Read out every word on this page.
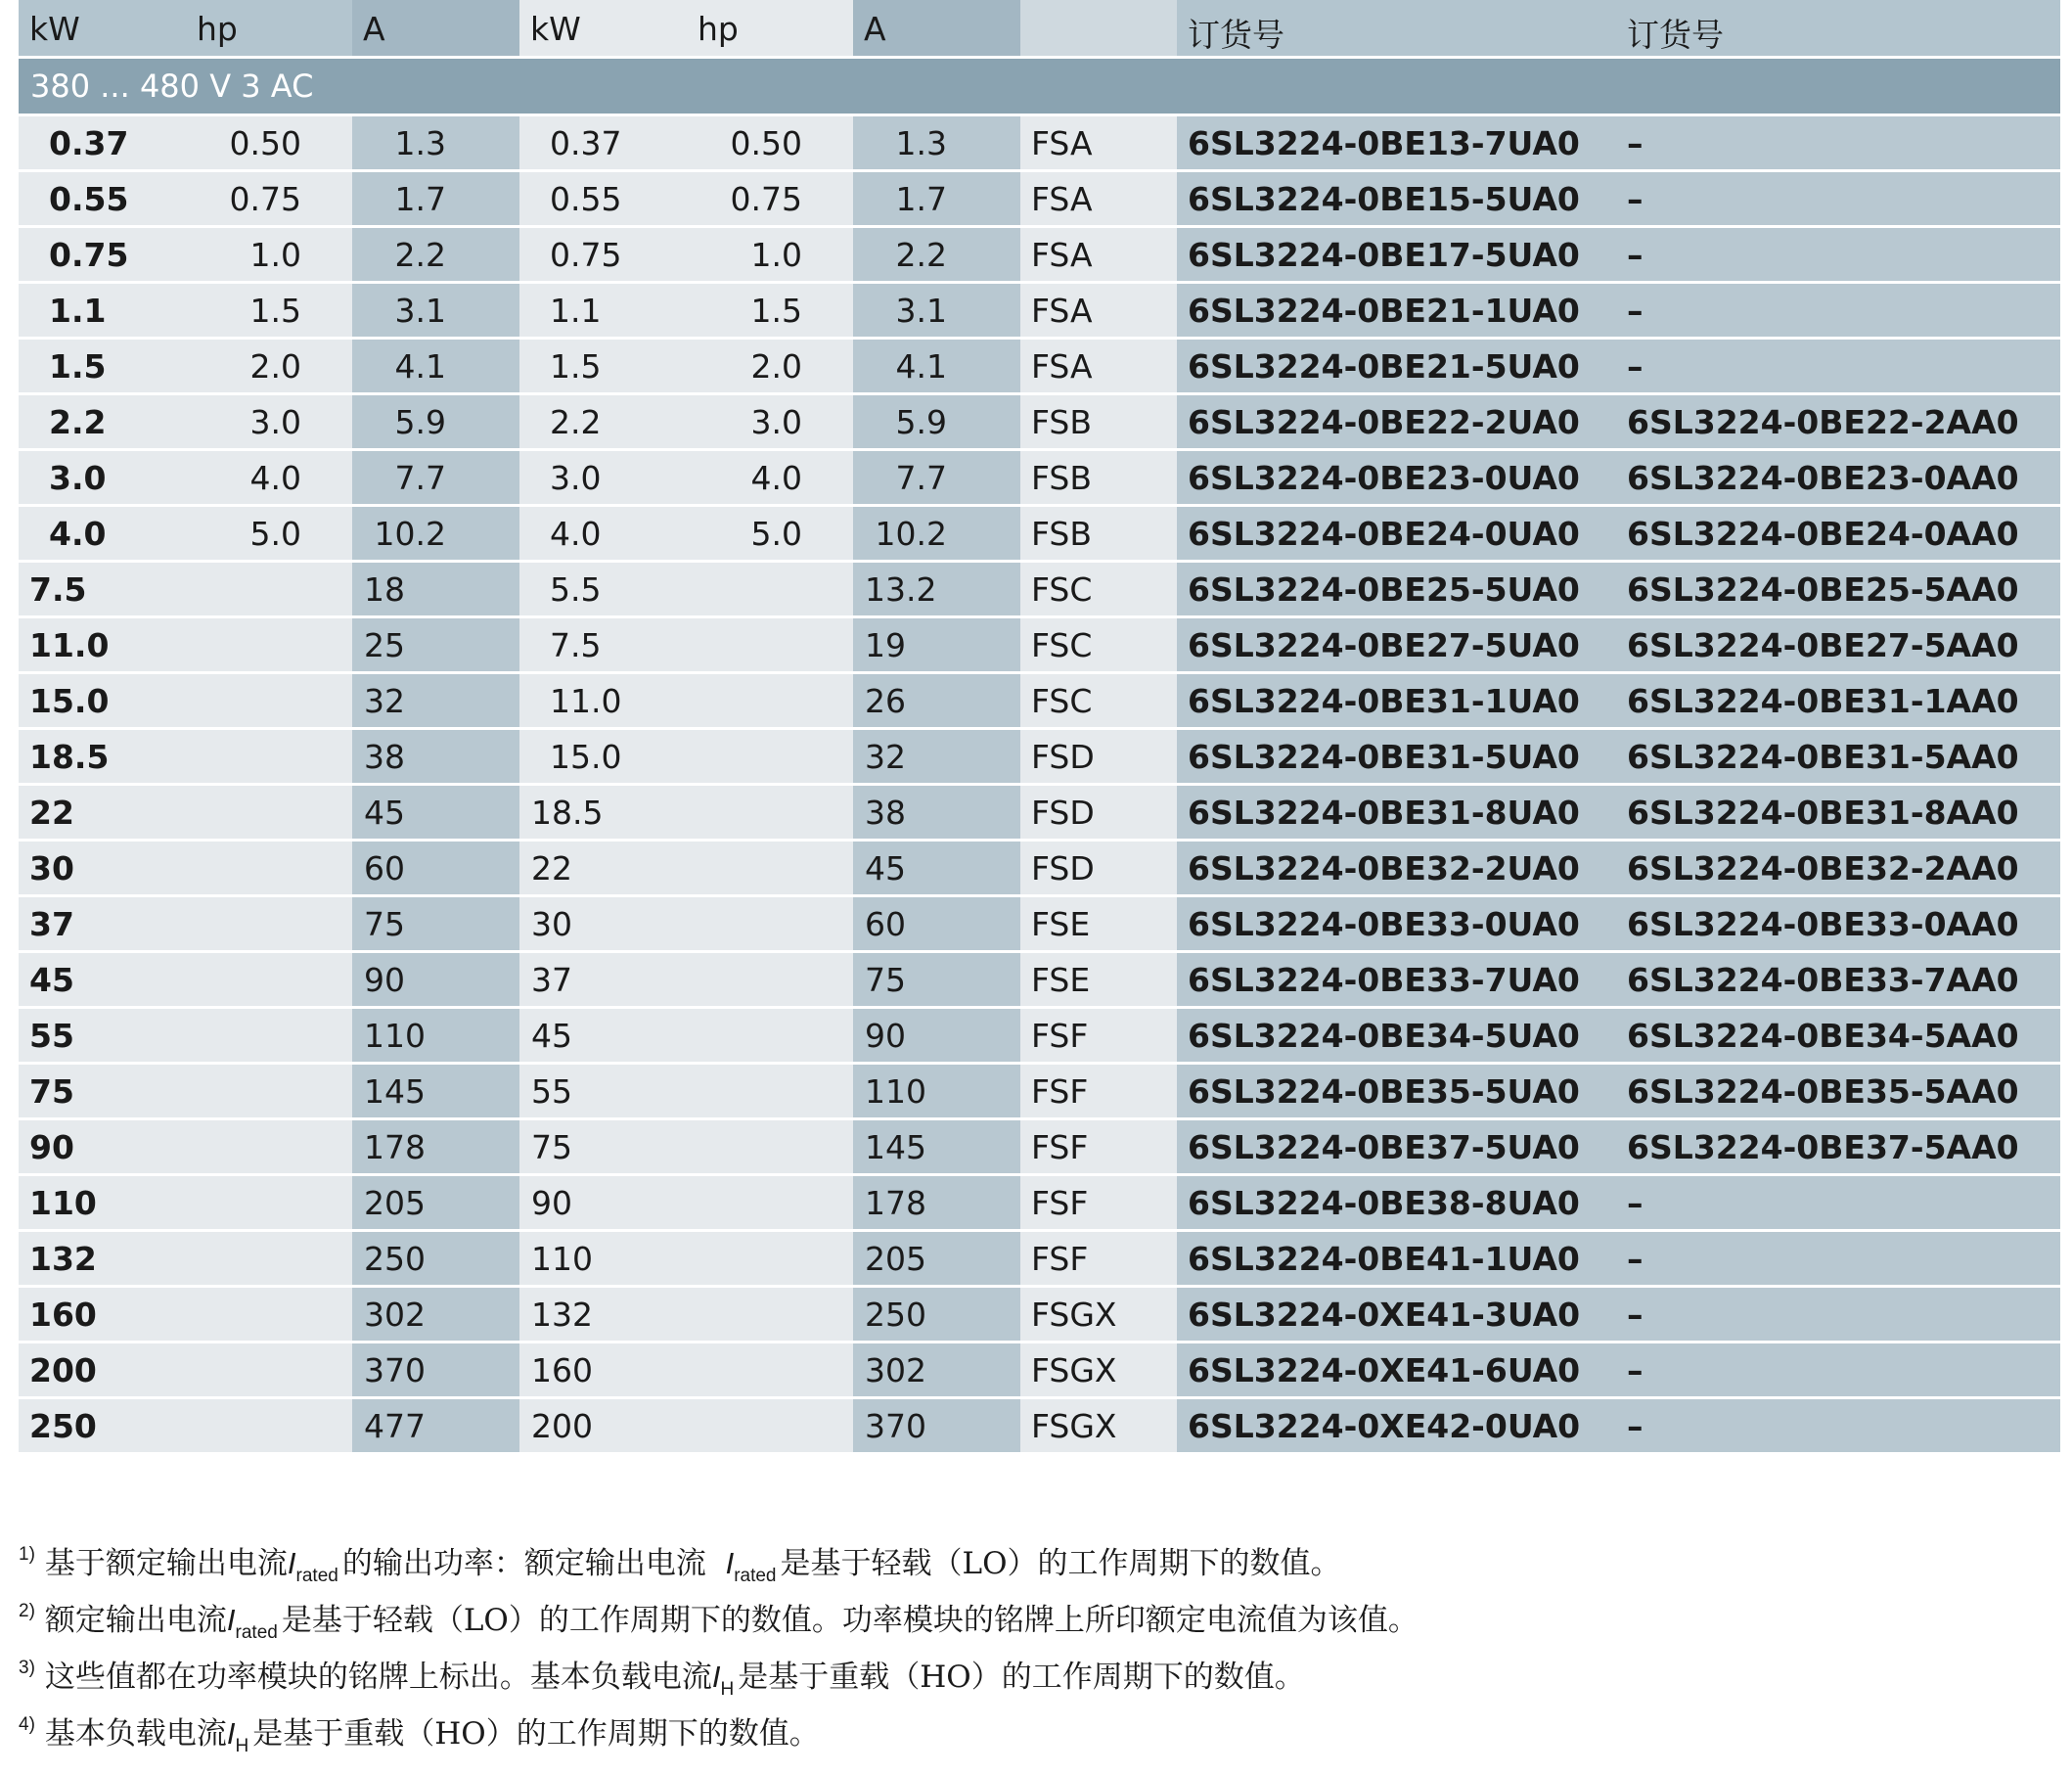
kW	hp	A	kW	hp	A		订货号	订货号
380 ... 480 V 3 AC								
0.37	0.50	1.3	0.37	0.50	1.3	FSA	6SL3224-0BE13-7UA0	–
0.55	0.75	1.7	0.55	0.75	1.7	FSA	6SL3224-0BE15-5UA0	–
0.75	1.0	2.2	0.75	1.0	2.2	FSA	6SL3224-0BE17-5UA0	–
1.1	1.5	3.1	1.1	1.5	3.1	FSA	6SL3224-0BE21-1UA0	–
1.5	2.0	4.1	1.5	2.0	4.1	FSA	6SL3224-0BE21-5UA0	–
2.2	3.0	5.9	2.2	3.0	5.9	FSB	6SL3224-0BE22-2UA0	6SL3224-0BE22-2AA0
3.0	4.0	7.7	3.0	4.0	7.7	FSB	6SL3224-0BE23-0UA0	6SL3224-0BE23-0AA0
4.0	5.0	10.2	4.0	5.0	10.2	FSB	6SL3224-0BE24-0UA0	6SL3224-0BE24-0AA0
7.5		18	5.5		13.2	FSC	6SL3224-0BE25-5UA0	6SL3224-0BE25-5AA0
11.0		25	7.5		19	FSC	6SL3224-0BE27-5UA0	6SL3224-0BE27-5AA0
15.0		32	11.0		26	FSC	6SL3224-0BE31-1UA0	6SL3224-0BE31-1AA0
18.5		38	15.0		32	FSD	6SL3224-0BE31-5UA0	6SL3224-0BE31-5AA0
22		45	18.5		38	FSD	6SL3224-0BE31-8UA0	6SL3224-0BE31-8AA0
30		60	22		45	FSD	6SL3224-0BE32-2UA0	6SL3224-0BE32-2AA0
37		75	30		60	FSE	6SL3224-0BE33-0UA0	6SL3224-0BE33-0AA0
45		90	37		75	FSE	6SL3224-0BE33-7UA0	6SL3224-0BE33-7AA0
55		110	45		90	FSF	6SL3224-0BE34-5UA0	6SL3224-0BE34-5AA0
75		145	55		110	FSF	6SL3224-0BE35-5UA0	6SL3224-0BE35-5AA0
90		178	75		145	FSF	6SL3224-0BE37-5UA0	6SL3224-0BE37-5AA0
110		205	90		178	FSF	6SL3224-0BE38-8UA0	–
132		250	110		205	FSF	6SL3224-0BE41-1UA0	–
160		302	132		250	FSGX	6SL3224-0XE41-3UA0	–
200		370	160		302	FSGX	6SL3224-0XE41-6UA0	–
250		477	200		370	FSGX	6SL3224-0XE42-0UA0	–
$^{1)}$ 基于额定输出电流$I_{rated}$ 的输出功率：额定输出电流 $I_{rated}$ 是基于轻载（LO）的工作周期下的数值。
$^{2)}$ 额定输出电流$I_{rated}$ 是基于轻载（LO）的工作周期下的数值。功率模块的铭牌上所印额定电流值为该值。
$^{3)}$ 这些值都在功率模块的铭牌上标出。基本负载电流$I_H$ 是基于重载（HO）的工作周期下的数值。
$^{4)}$ 基本负载电流$I_H$ 是基于重载（HO）的工作周期下的数值。
